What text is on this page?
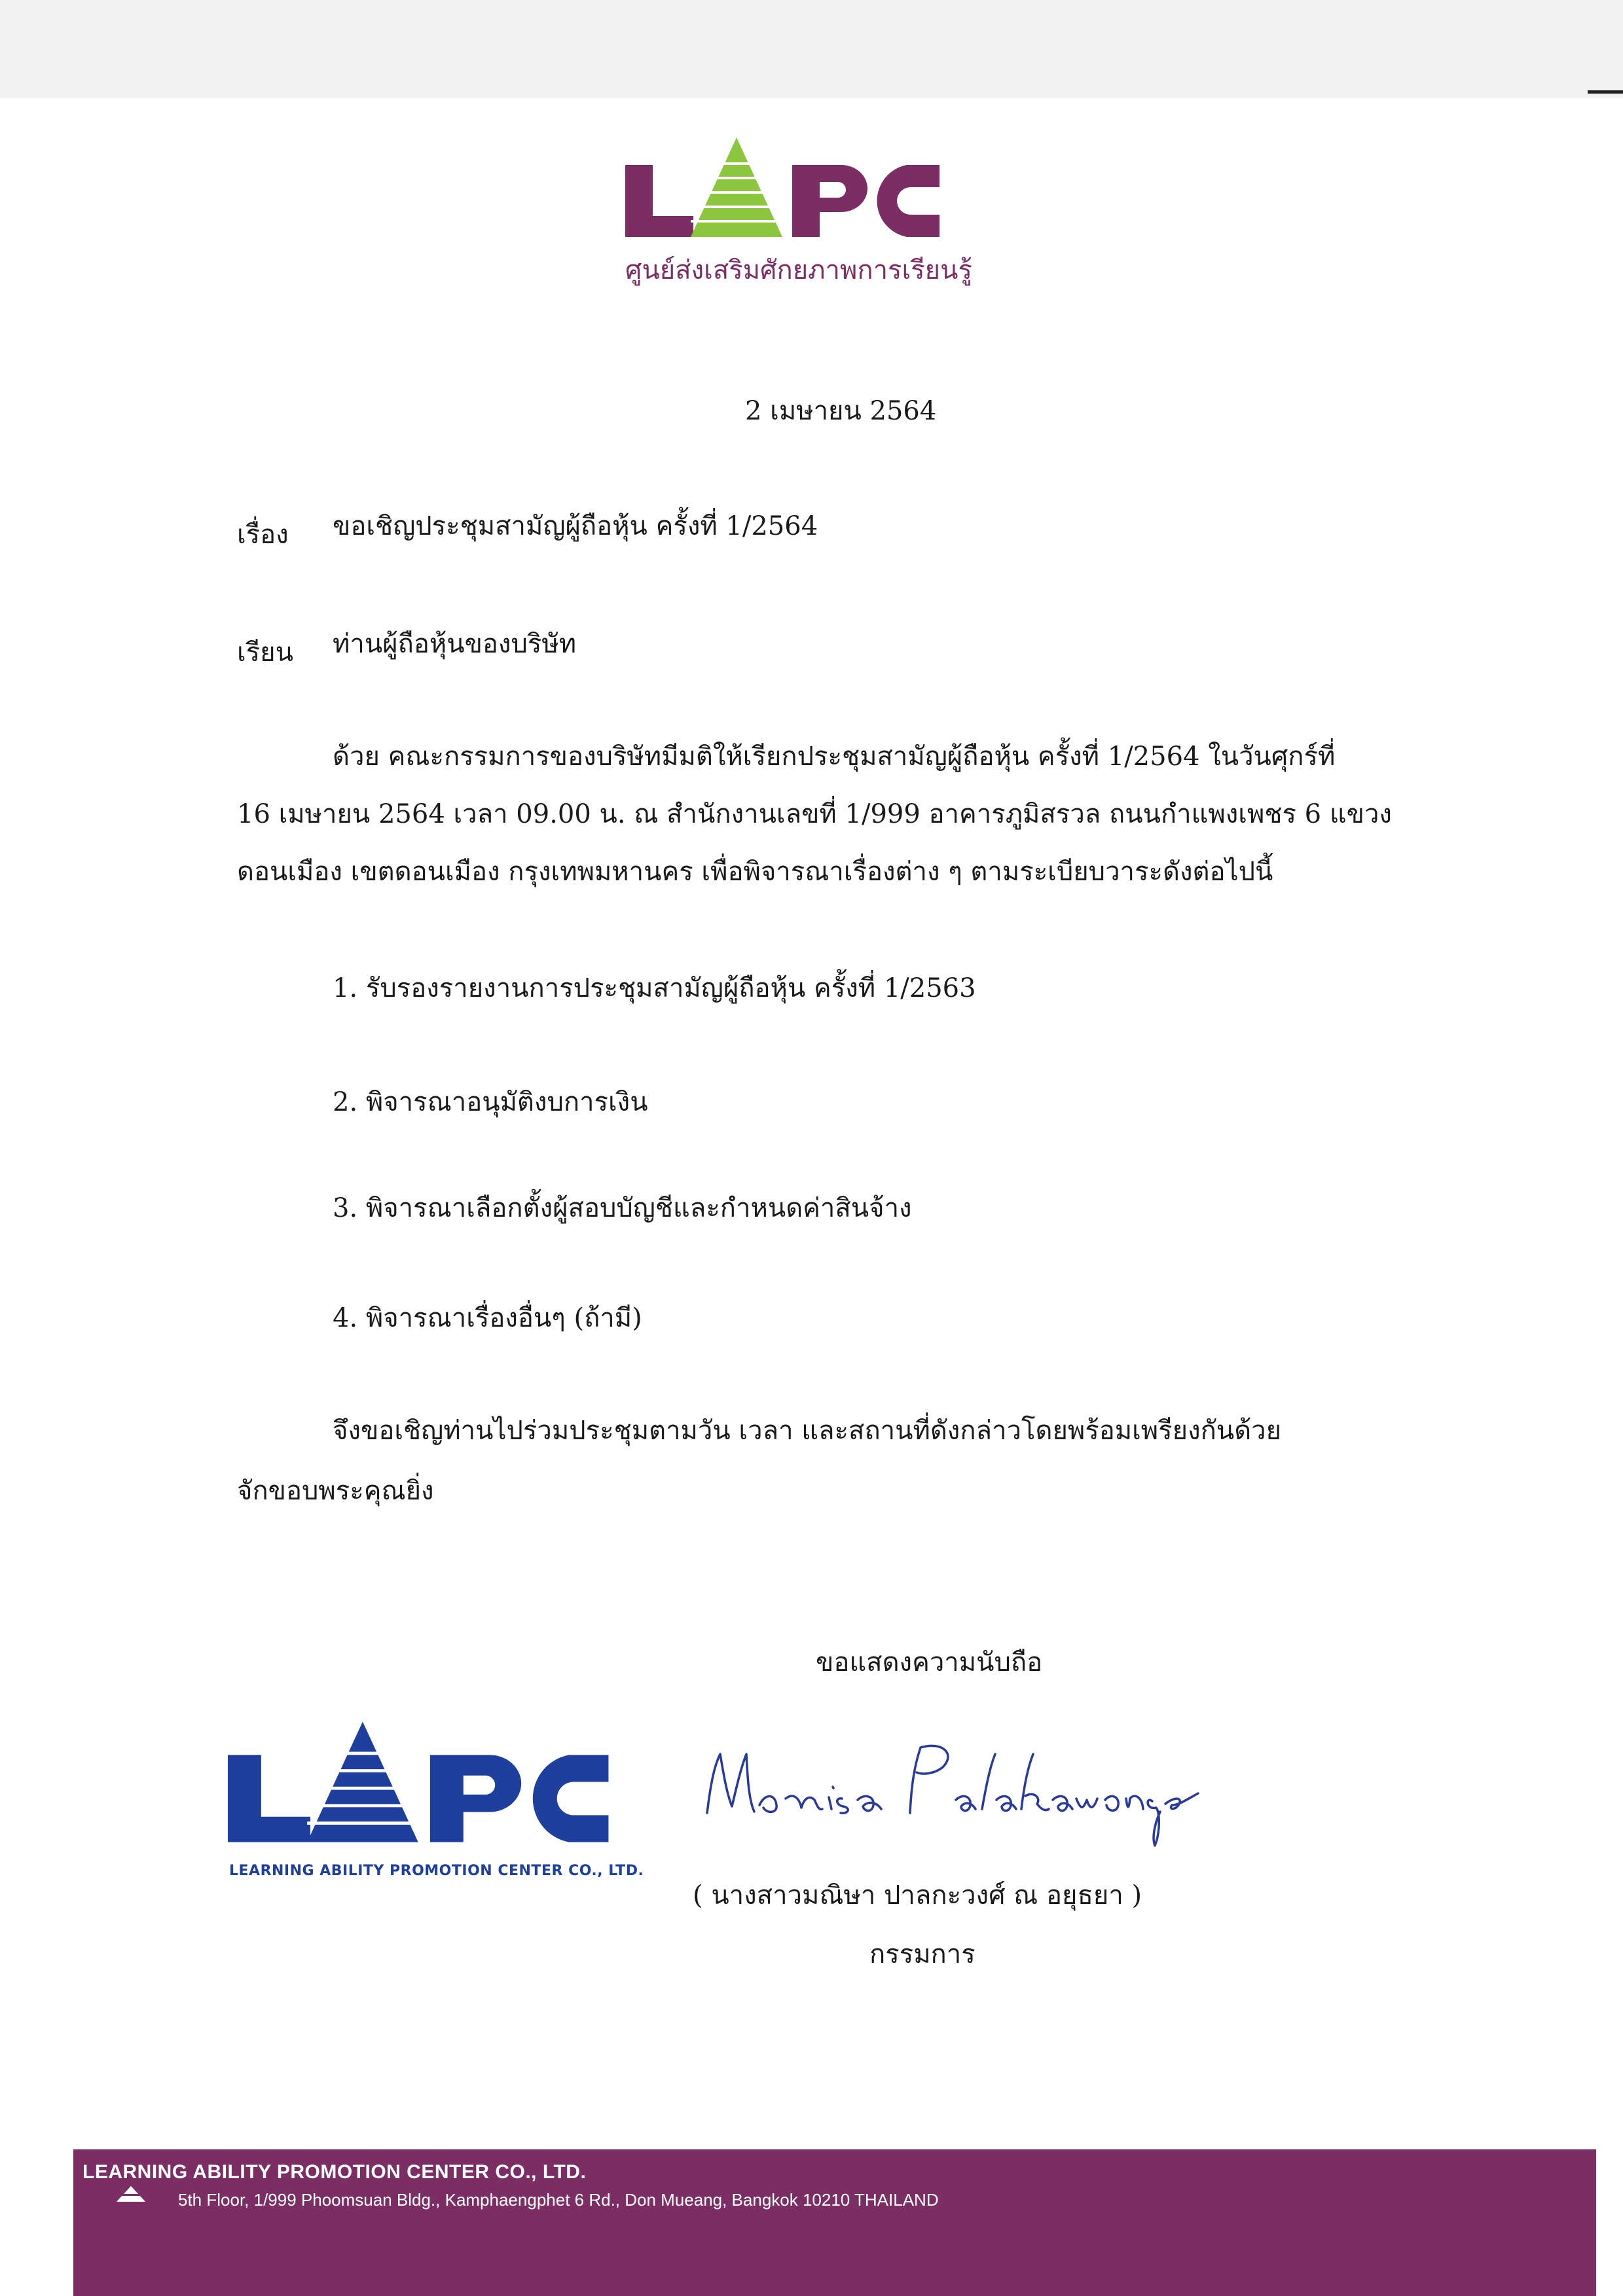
ศูนย์ส่งเสริมศักยภาพการเรียนรู้
2 เมษายน 2564
เรื่อง ขอเชิญประชุมสามัญผู้ถือหุ้น ครั้งที่ 1/2564
เรียน ท่านผู้ถือหุ้นของบริษัท
ด้วย คณะกรรมการของบริษัทมีมติให้เรียกประชุมสามัญผู้ถือหุ้น ครั้งที่ 1/2564 ในวันศุกร์ที่
16 เมษายน 2564 เวลา 09.00 น. ณ สำนักงานเลขที่ 1/999 อาคารภูมิสรวล ถนนกำแพงเพชร 6 แขวง
ดอนเมือง เขตดอนเมือง กรุงเทพมหานคร เพื่อพิจารณาเรื่องต่าง ๆ ตามระเบียบวาระดังต่อไปนี้
1. รับรองรายงานการประชุมสามัญผู้ถือหุ้น ครั้งที่ 1/2563
2. พิจารณาอนุมัติงบการเงิน
3. พิจารณาเลือกตั้งผู้สอบบัญชีและกำหนดค่าสินจ้าง
4. พิจารณาเรื่องอื่นๆ (ถ้ามี)
จึงขอเชิญท่านไปร่วมประชุมตามวัน เวลา และสถานที่ดังกล่าวโดยพร้อมเพรียงกันด้วย
จักขอบพระคุณยิ่ง
ขอแสดงความนับถือ
LEARNING ABILITY PROMOTION CENTER CO., LTD.
( นางสาวมณิษา ปาลกะวงศ์ ณ อยุธยา )
กรรมการ
LEARNING ABILITY PROMOTION CENTER CO., LTD.
5th Floor, 1/999 Phoomsuan Bldg., Kamphaengphet 6 Rd., Don Mueang, Bangkok 10210 THAILAND
